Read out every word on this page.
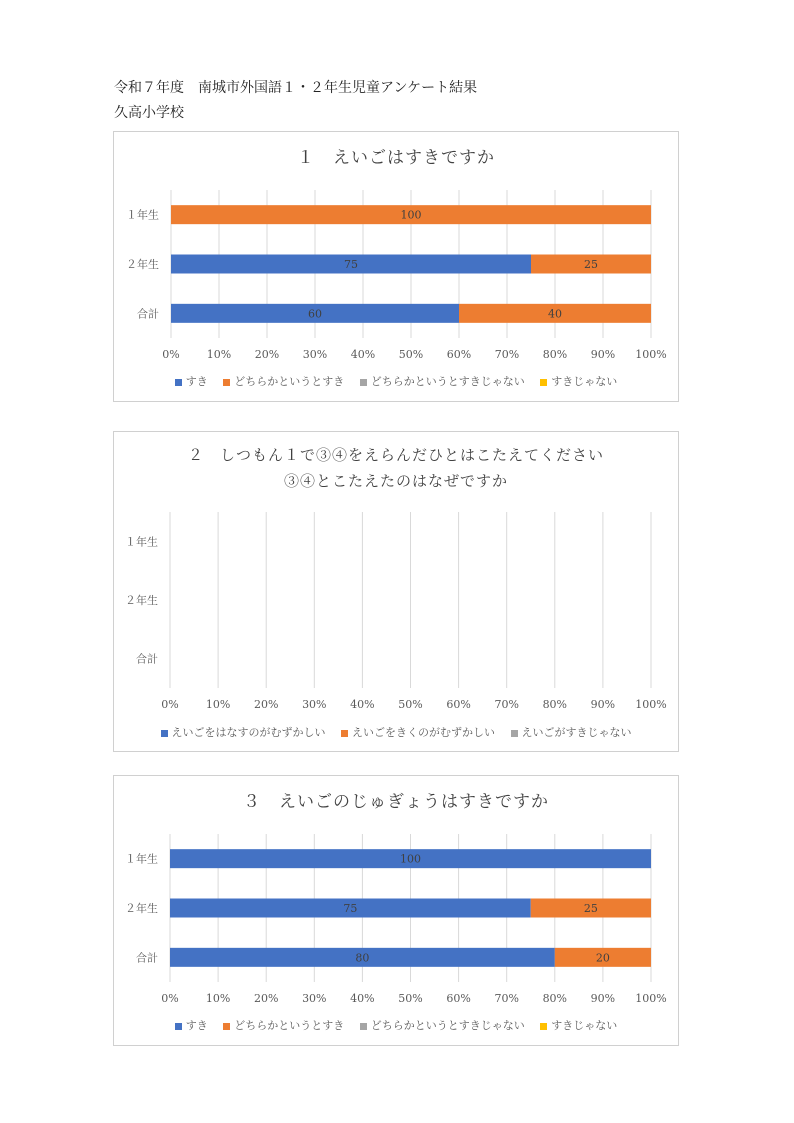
令和７年度　南城市外国語１・２年生児童アンケート結果
久高小学校
１　えいごはすきですか
0% 10% 20% 30% 40% 50% 60% 70% 80% 90% 100%
１年生	100
２年生	75	25
合計	60	40
すき どちらかというとすき どちらかというとすきじゃない すきじゃない
２　しつもん１で③④をえらんだひとはこたえてください
③④とこたえたのはなぜですか
0% 10% 20% 30% 40% 50% 60% 70% 80% 90% 100%
１年生
２年生
合計
えいごをはなすのがむずかしい えいごをきくのがむずかしい えいごがすきじゃない
３　えいごのじゅぎょうはすきですか
0% 10% 20% 30% 40% 50% 60% 70% 80% 90% 100%
１年生	100
２年生	75	25
合計	80	20
すき どちらかというとすき どちらかというとすきじゃない すきじゃない
